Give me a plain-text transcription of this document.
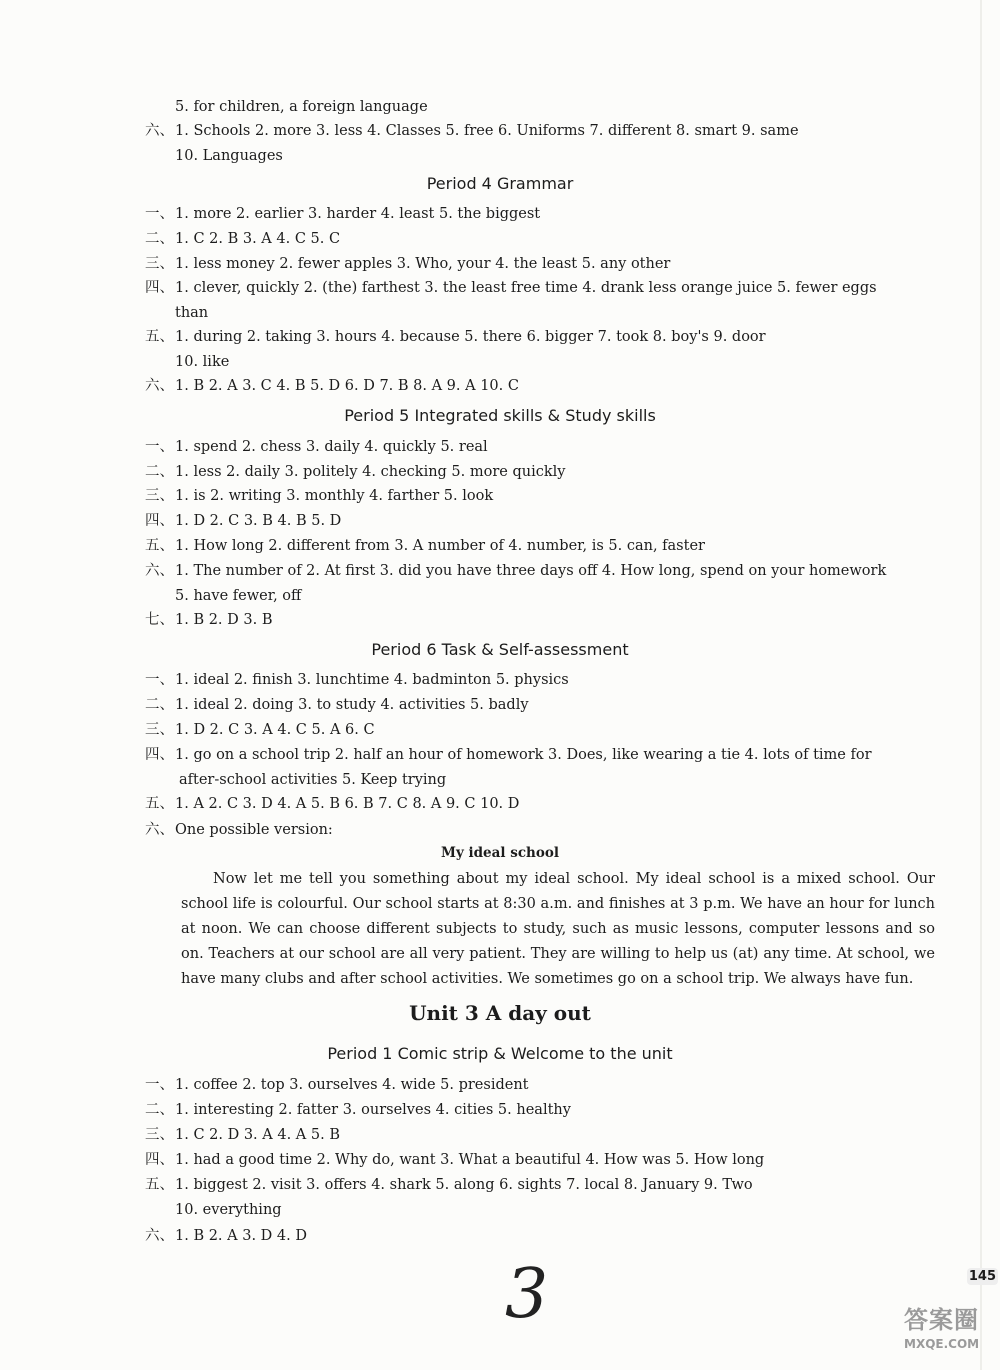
5. for children, a foreign language
六、1. Schools 2. more 3. less 4. Classes 5. free 6. Uniforms 7. different 8. smart 9. same
10. Languages
Period 4 Grammar
一、1. more 2. earlier 3. harder 4. least 5. the biggest
二、1. C 2. B 3. A 4. C 5. C
三、1. less money 2. fewer apples 3. Who, your 4. the least 5. any other
四、1. clever, quickly 2. (the) farthest 3. the least free time 4. drank less orange juice 5. fewer eggs
than
五、1. during 2. taking 3. hours 4. because 5. there 6. bigger 7. took 8. boy's 9. door
10. like
六、1. B 2. A 3. C 4. B 5. D 6. D 7. B 8. A 9. A 10. C
Period 5 Integrated skills & Study skills
一、1. spend 2. chess 3. daily 4. quickly 5. real
二、1. less 2. daily 3. politely 4. checking 5. more quickly
三、1. is 2. writing 3. monthly 4. farther 5. look
四、1. D 2. C 3. B 4. B 5. D
五、1. How long 2. different from 3. A number of 4. number, is 5. can, faster
六、1. The number of 2. At first 3. did you have three days off 4. How long, spend on your homework
5. have fewer, off
七、1. B 2. D 3. B
Period 6 Task & Self-assessment
一、1. ideal 2. finish 3. lunchtime 4. badminton 5. physics
二、1. ideal 2. doing 3. to study 4. activities 5. badly
三、1. D 2. C 3. A 4. C 5. A 6. C
四、1. go on a school trip 2. half an hour of homework 3. Does, like wearing a tie 4. lots of time for
after-school activities 5. Keep trying
五、1. A 2. C 3. D 4. A 5. B 6. B 7. C 8. A 9. C 10. D
六、One possible version:
My ideal school
Now let me tell you something about my ideal school. My ideal school is a mixed school. Our school life is colourful. Our school starts at 8:30 a.m. and finishes at 3 p.m. We have an hour for lunch at noon. We can choose different subjects to study, such as music lessons, computer lessons and so on. Teachers at our school are all very patient. They are willing to help us (at) any time. At school, we have many clubs and after school activities. We sometimes go on a school trip. We always have fun.
Unit 3 A day out
Period 1 Comic strip & Welcome to the unit
一、1. coffee 2. top 3. ourselves 4. wide 5. president
二、1. interesting 2. fatter 3. ourselves 4. cities 5. healthy
三、1. C 2. D 3. A 4. A 5. B
四、1. had a good time 2. Why do, want 3. What a beautiful 4. How was 5. How long
五、1. biggest 2. visit 3. offers 4. shark 5. along 6. sights 7. local 8. January 9. Two
10. everything
六、1. B 2. A 3. D 4. D
145
3	答案圈
MXQE.COM
